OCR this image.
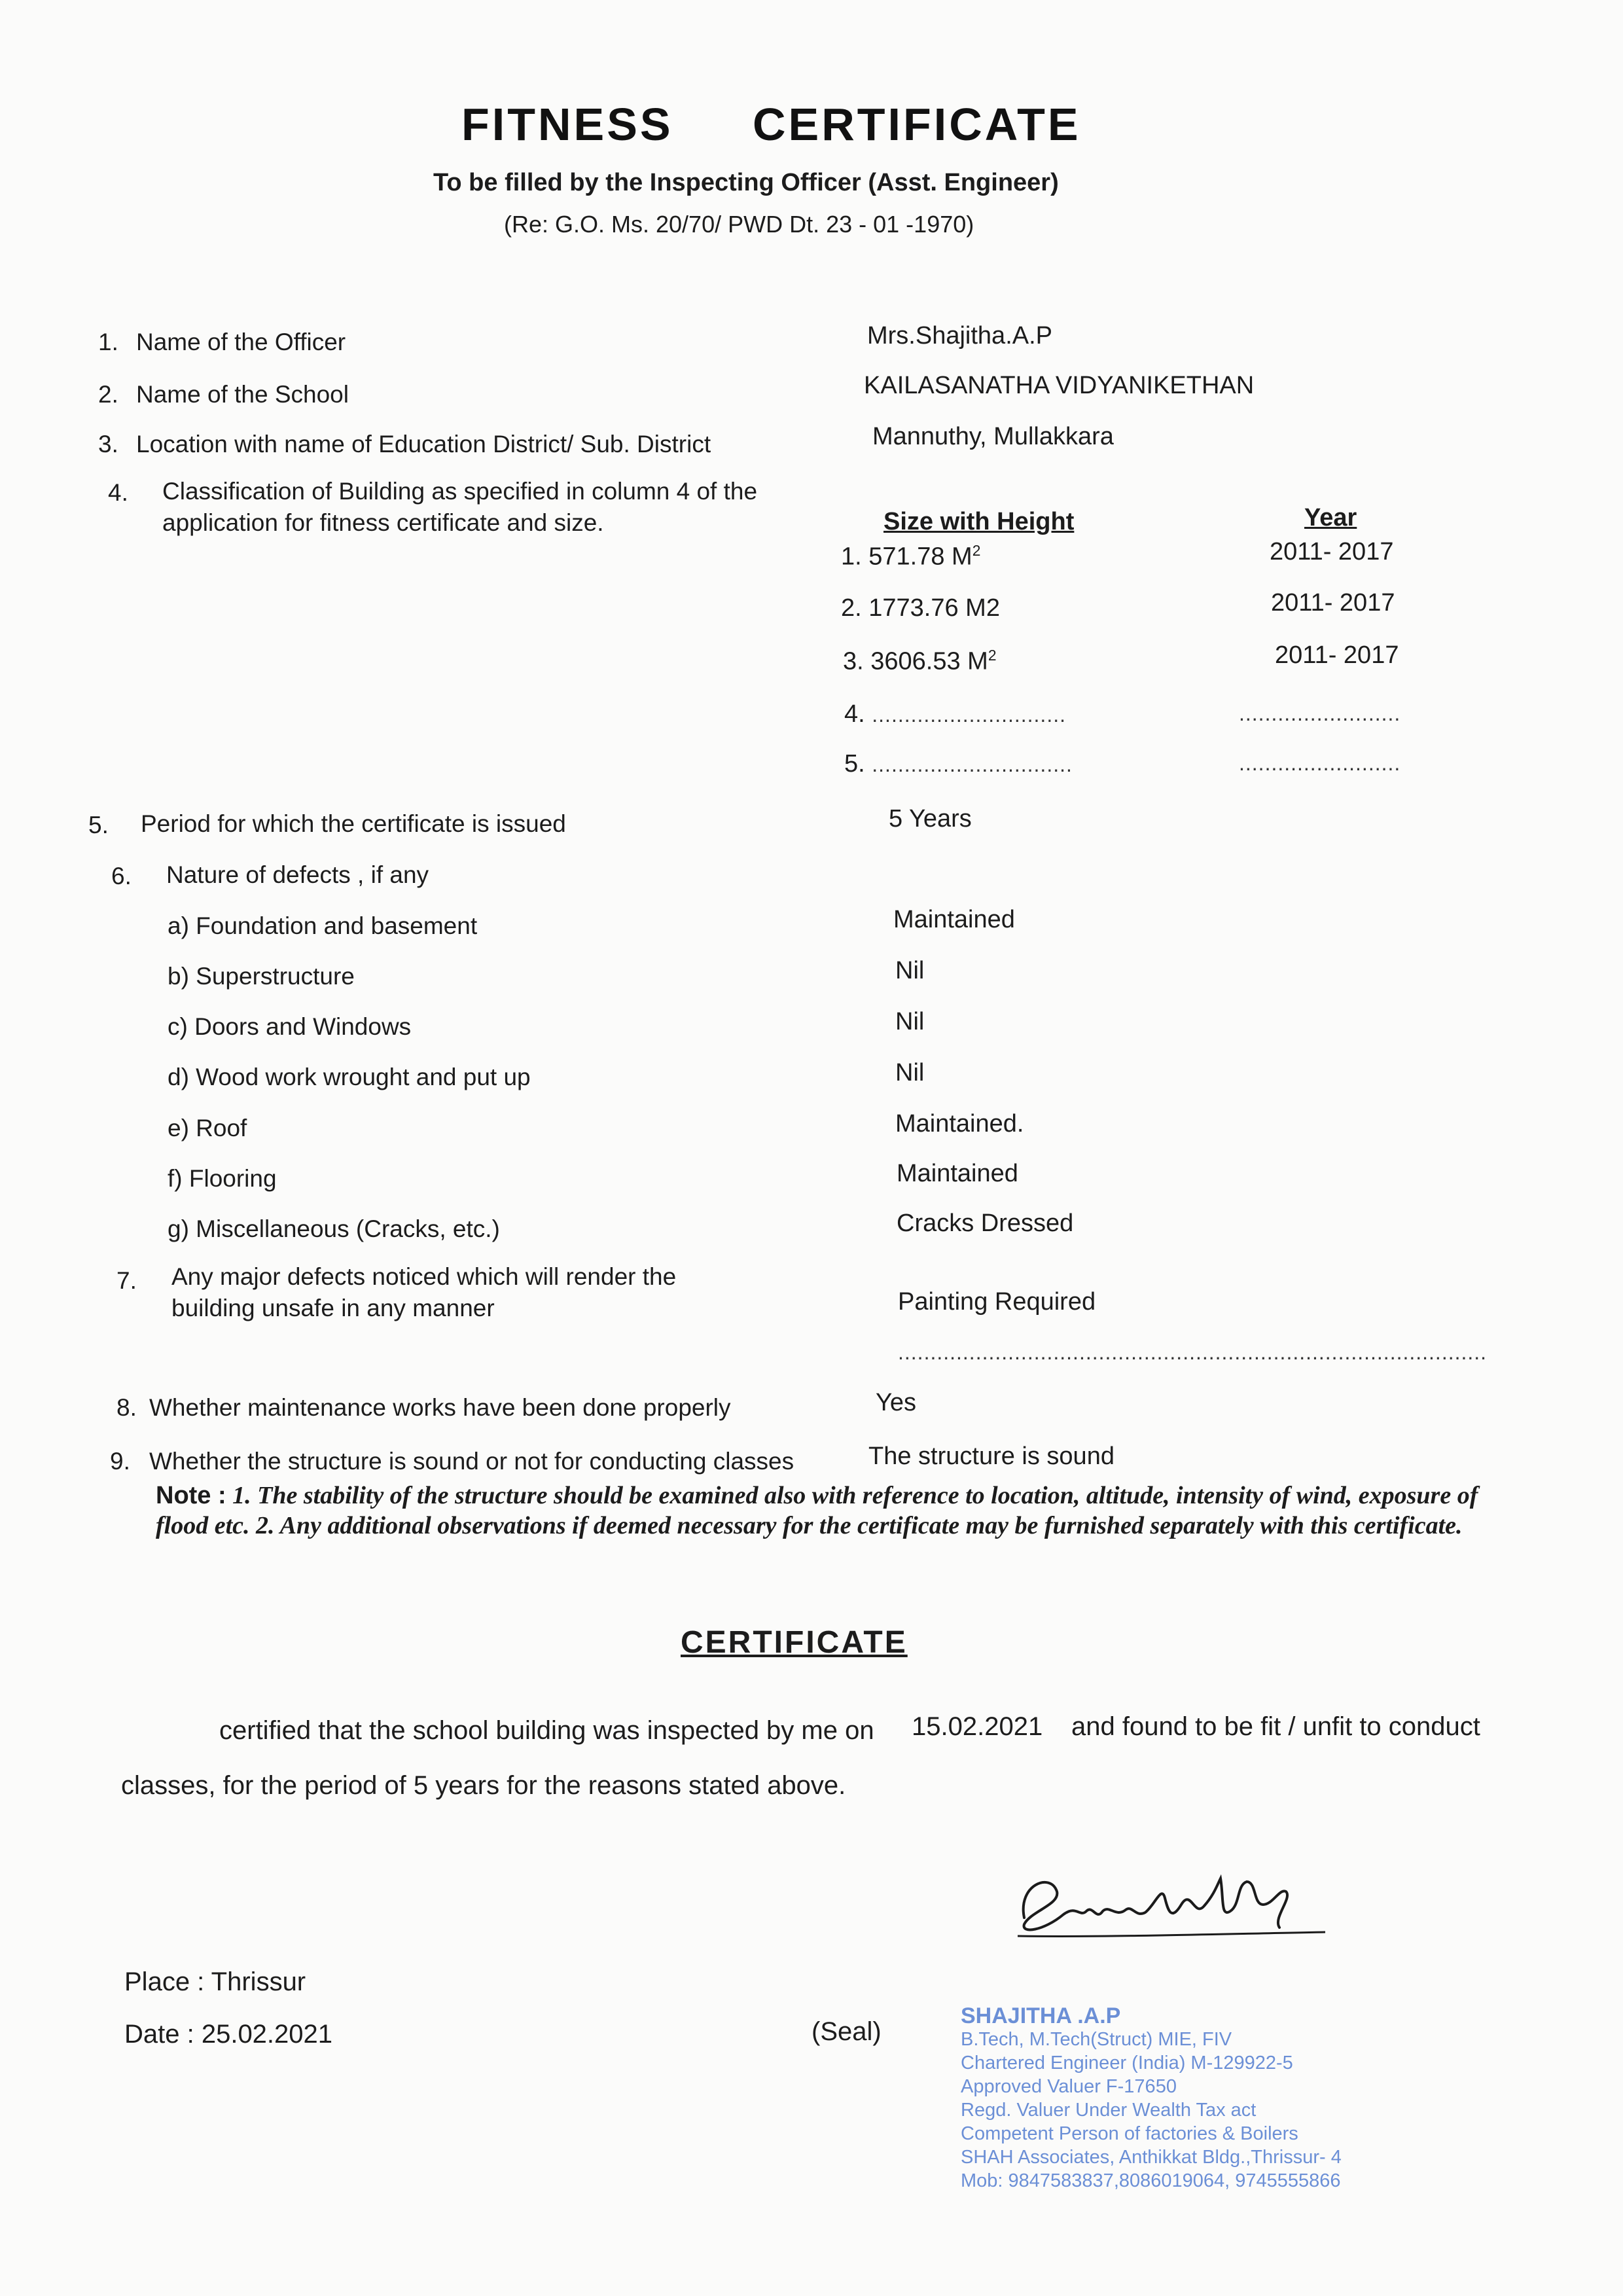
FITNESS CERTIFICATE
To be filled by the Inspecting Officer (Asst. Engineer)
(Re: G.O. Ms. 20/70/ PWD Dt. 23 - 01 -1970)
1. Name of the Officer	Mrs.Shajitha.A.P
2. Name of the School	KAILASANATHA VIDYANIKETHAN
3. Location with name of Education District/ Sub. District	Mannuthy, Mullakkara
4. Classification of Building as specified in column 4 of the
application for fitness certificate and size.	Size with Height	Year
1. 571.78 $M^2$	2011- 2017
2. 1773.76 M2	2011- 2017
3. 3606.53 $M^2$	2011- 2017
4. ..............................	.........................
5. ...............................	.........................
5. Period for which the certificate is issued	5 Years
6. Nature of defects , if any
a) Foundation and basement	Maintained
b) Superstructure	Nil
c) Doors and Windows	Nil
d) Wood work wrought and put up	Nil
e) Roof	Maintained.
f) Flooring	Maintained
g) Miscellaneous (Cracks, etc.)	Cracks Dressed
7. Any major defects noticed which will render the
building unsafe in any manner	Painting Required
...........................................................................................
8. Whether maintenance works have been done properly	Yes
9. Whether the structure is sound or not for conducting classes	The structure is sound
Note : 1. The stability of the structure should be examined also with reference to location, altitude, intensity of wind, exposure of flood etc. 2. Any additional observations if deemed necessary for the certificate may be furnished separately with this certificate.
CERTIFICATE
certified that the school building was inspected by me on 15.02.2021 and found to be fit / unfit to conduct
classes, for the period of 5 years for the reasons stated above.
Place : Thrissur
Date : 25.02.2021	(Seal)
SHAJITHA .A.P
B.Tech, M.Tech(Struct) MIE, FIV
Chartered Engineer (India) M-129922-5
Approved Valuer F-17650
Regd. Valuer Under Wealth Tax act
Competent Person of factories & Boilers
SHAH Associates, Anthikkat Bldg.,Thrissur- 4
Mob: 9847583837,8086019064, 9745555866
